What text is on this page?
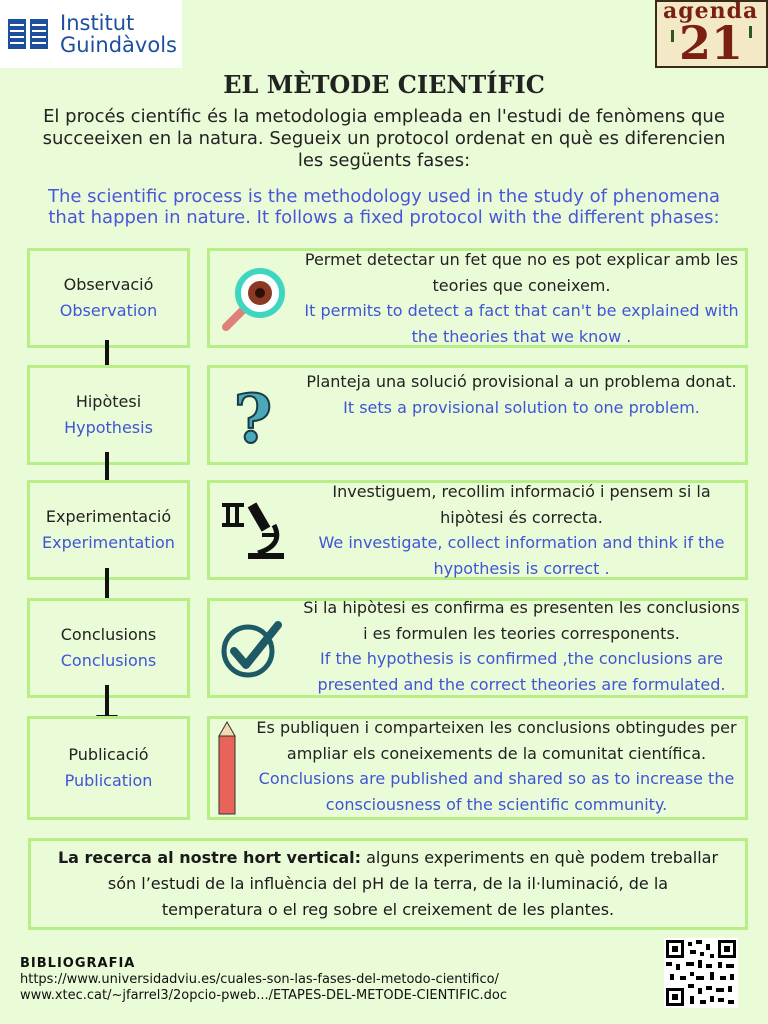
Institut
Guindàvols
agenda
21
EL MÈTODE CIENTÍFIC
El procés científic és la metodologia empleada en l'estudi de fenòmens que succeeixen en la natura. Segueix un protocol ordenat en què es diferencien les següents fases:
The scientific process is the methodology used in the study of phenomena that happen in nature. It follows a fixed protocol with the different phases:
Observació
Observation
Permet detectar un fet que no es pot explicar amb les teories que coneixem.
It permits to detect a fact that can't be explained with the theories that we know .
Hipòtesi
Hypothesis ? Planteja una solució provisional a un problema donat.
It sets a provisional solution to one problem.
Experimentació
Experimentation
Investiguem, recollim informació i pensem si la hipòtesi és correcta.
We investigate, collect information and think if the hypothesis is correct .
Conclusions
Conclusions
Si la hipòtesi es confirma es presenten les conclusions i es formulen les teories corresponents.
If the hypothesis is confirmed ,the conclusions are presented and the correct theories are formulated.
Publicació
Publication
Es publiquen i comparteixen les conclusions obtingudes per ampliar els coneixements de la comunitat científica.
Conclusions are published and shared so as to increase the consciousness of the scientific community.
La recerca al nostre hort vertical: alguns experiments en què podem treballar són l’estudi de la influència del pH de la terra, de la il·luminació, de la temperatura o el reg sobre el creixement de les plantes.
BIBLIOGRAFIA
https://www.universidadviu.es/cuales-son-las-fases-del-metodo-cientifico/
www.xtec.cat/~jfarrel3/2opcio-pweb.../ETAPES-DEL-METODE-CIENTIFIC.doc
